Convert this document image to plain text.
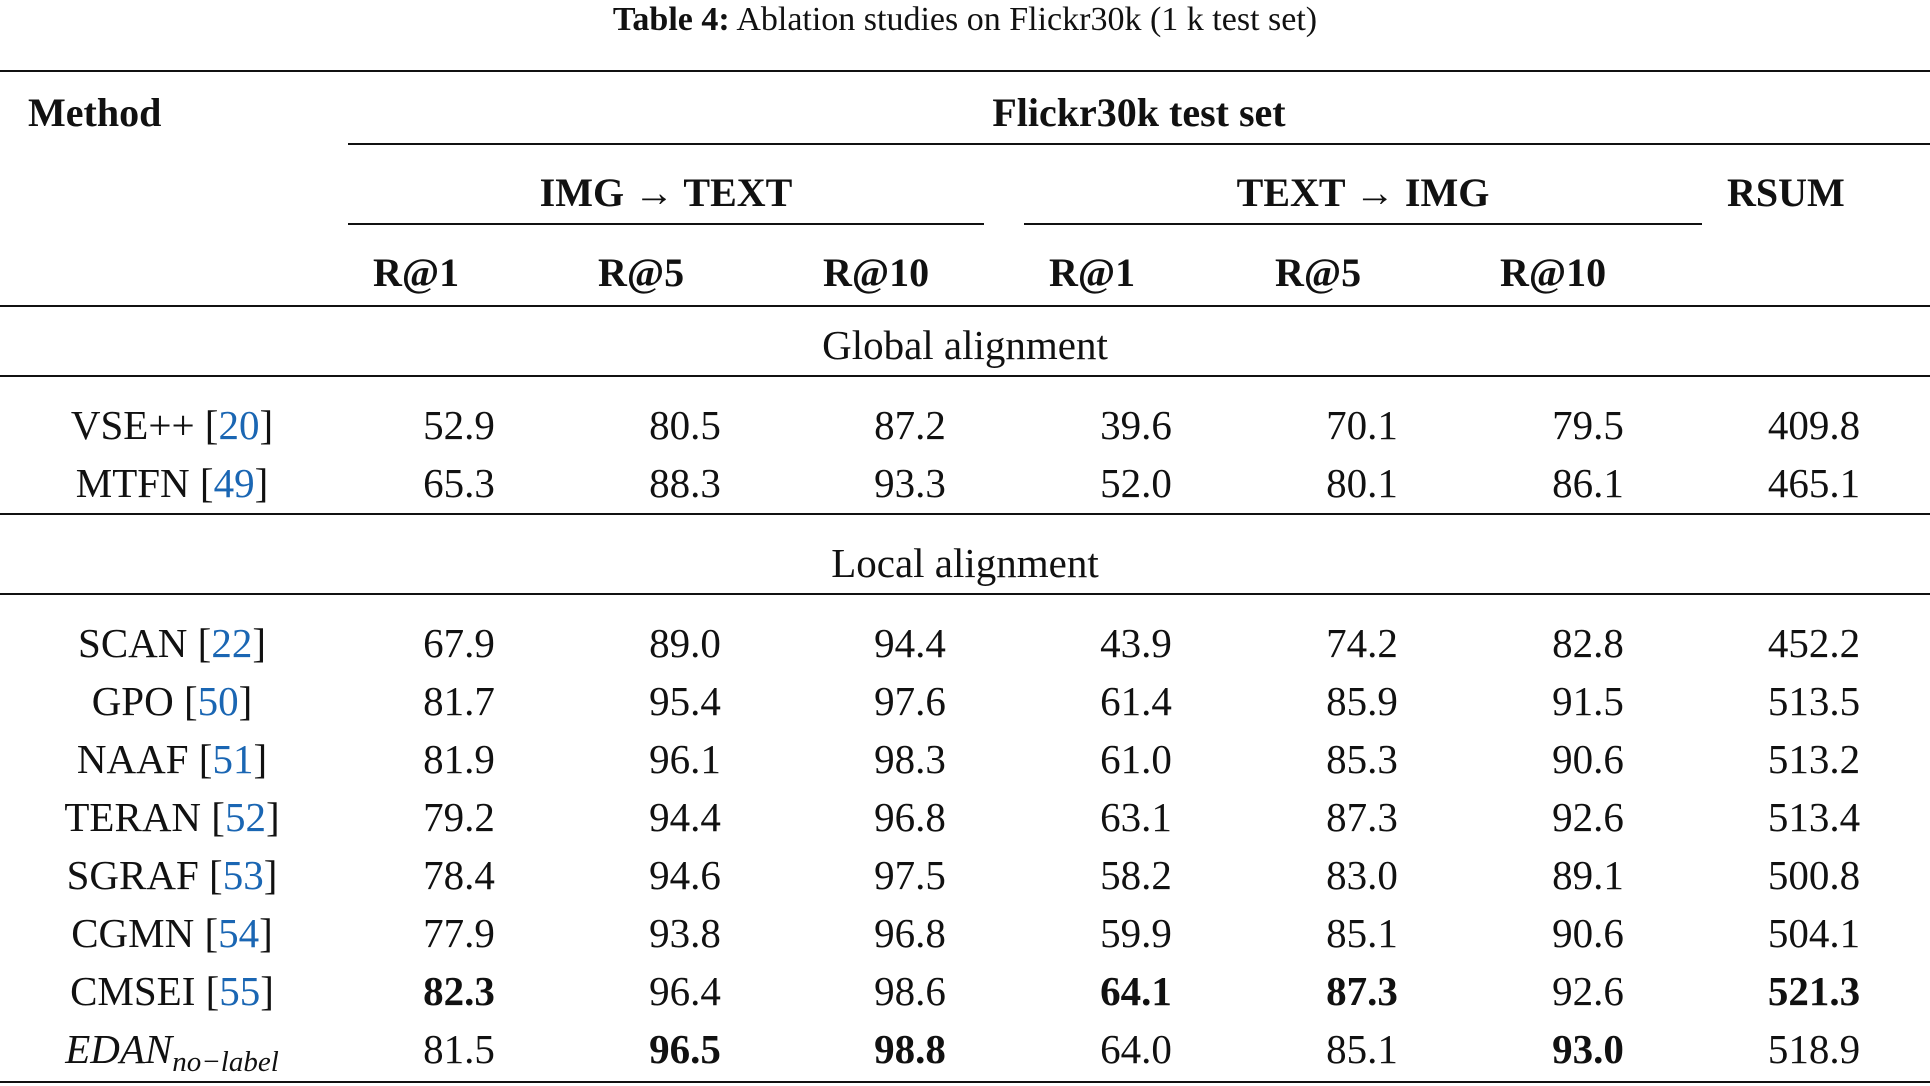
Table 4: Ablation studies on Flickr30k (1 k test set)
Method	Flickr30k test set
IMG → TEXT	TEXT → IMG	RSUM
R@1	R@5	R@10	R@1	R@5	R@10
Global alignment
VSE++ [20]	52.9	80.5	87.2	39.6	70.1	79.5	409.8
MTFN [49]	65.3	88.3	93.3	52.0	80.1	86.1	465.1
Local alignment
SCAN [22]	67.9	89.0	94.4	43.9	74.2	82.8	452.2
GPO [50]	81.7	95.4	97.6	61.4	85.9	91.5	513.5
NAAF [51]	81.9	96.1	98.3	61.0	85.3	90.6	513.2
TERAN [52]	79.2	94.4	96.8	63.1	87.3	92.6	513.4
SGRAF [53]	78.4	94.6	97.5	58.2	83.0	89.1	500.8
CGMN [54]	77.9	93.8	96.8	59.9	85.1	90.6	504.1
CMSEI [55]	82.3	96.4	98.6	64.1	87.3	92.6	521.3
$EDAN_{no-label}$	81.5	96.5	98.8	64.0	85.1	93.0	518.9
